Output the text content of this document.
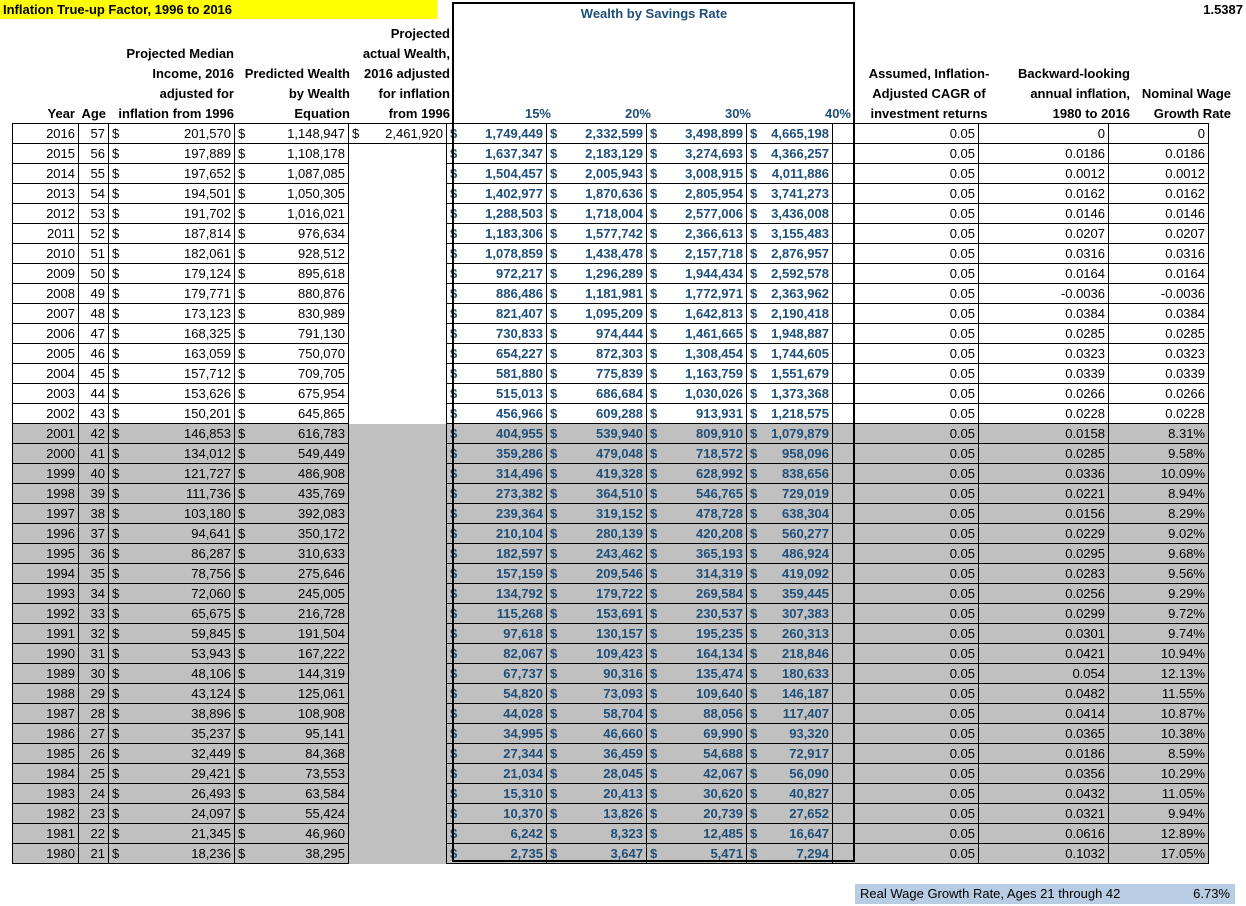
Inflation True-up Factor, 1996 to 2016	1.5387
Wealth by Savings Rate
Year Age
Projected Median
Income, 2016
adjusted for
inflation from 1996
Predicted Wealth
by Wealth
Equation
Projected
actual Wealth,
2016 adjusted
for inflation
from 1996	15%	20%	30%	40%
Assumed, Inflation-
Adjusted CAGR of
investment returns
Backward-looking
annual inflation,
1980 to 2016
Nominal Wage
Growth Rate
2016	57	$	201,570	$	1,148,947	$	2,461,920	$	1,749,449	$	2,332,599	$	3,498,899	$	4,665,198	0.05	0	0
2015	56	$	197,889	$	1,108,178			$	1,637,347	$	2,183,129	$	3,274,693	$	4,366,257	0.05	0.0186	0.0186
2014	55	$	197,652	$	1,087,085			$	1,504,457	$	2,005,943	$	3,008,915	$	4,011,886	0.05	0.0012	0.0012
2013	54	$	194,501	$	1,050,305			$	1,402,977	$	1,870,636	$	2,805,954	$	3,741,273	0.05	0.0162	0.0162
2012	53	$	191,702	$	1,016,021			$	1,288,503	$	1,718,004	$	2,577,006	$	3,436,008	0.05	0.0146	0.0146
2011	52	$	187,814	$	976,634			$	1,183,306	$	1,577,742	$	2,366,613	$	3,155,483	0.05	0.0207	0.0207
2010	51	$	182,061	$	928,512			$	1,078,859	$	1,438,478	$	2,157,718	$	2,876,957	0.05	0.0316	0.0316
2009	50	$	179,124	$	895,618			$	972,217	$	1,296,289	$	1,944,434	$	2,592,578	0.05	0.0164	0.0164
2008	49	$	179,771	$	880,876			$	886,486	$	1,181,981	$	1,772,971	$	2,363,962	0.05	-0.0036	-0.0036
2007	48	$	173,123	$	830,989			$	821,407	$	1,095,209	$	1,642,813	$	2,190,418	0.05	0.0384	0.0384
2006	47	$	168,325	$	791,130			$	730,833	$	974,444	$	1,461,665	$	1,948,887	0.05	0.0285	0.0285
2005	46	$	163,059	$	750,070			$	654,227	$	872,303	$	1,308,454	$	1,744,605	0.05	0.0323	0.0323
2004	45	$	157,712	$	709,705			$	581,880	$	775,839	$	1,163,759	$	1,551,679	0.05	0.0339	0.0339
2003	44	$	153,626	$	675,954			$	515,013	$	686,684	$	1,030,026	$	1,373,368	0.05	0.0266	0.0266
2002	43	$	150,201	$	645,865			$	456,966	$	609,288	$	913,931	$	1,218,575	0.05	0.0228	0.0228
2001	42	$	146,853	$	616,783			$	404,955	$	539,940	$	809,910	$	1,079,879	0.05	0.0158	8.31%
2000	41	$	134,012	$	549,449			$	359,286	$	479,048	$	718,572	$	958,096	0.05	0.0285	9.58%
1999	40	$	121,727	$	486,908			$	314,496	$	419,328	$	628,992	$	838,656	0.05	0.0336	10.09%
1998	39	$	111,736	$	435,769			$	273,382	$	364,510	$	546,765	$	729,019	0.05	0.0221	8.94%
1997	38	$	103,180	$	392,083			$	239,364	$	319,152	$	478,728	$	638,304	0.05	0.0156	8.29%
1996	37	$	94,641	$	350,172			$	210,104	$	280,139	$	420,208	$	560,277	0.05	0.0229	9.02%
1995	36	$	86,287	$	310,633			$	182,597	$	243,462	$	365,193	$	486,924	0.05	0.0295	9.68%
1994	35	$	78,756	$	275,646			$	157,159	$	209,546	$	314,319	$	419,092	0.05	0.0283	9.56%
1993	34	$	72,060	$	245,005			$	134,792	$	179,722	$	269,584	$	359,445	0.05	0.0256	9.29%
1992	33	$	65,675	$	216,728			$	115,268	$	153,691	$	230,537	$	307,383	0.05	0.0299	9.72%
1991	32	$	59,845	$	191,504			$	97,618	$	130,157	$	195,235	$	260,313	0.05	0.0301	9.74%
1990	31	$	53,943	$	167,222			$	82,067	$	109,423	$	164,134	$	218,846	0.05	0.0421	10.94%
1989	30	$	48,106	$	144,319			$	67,737	$	90,316	$	135,474	$	180,633	0.05	0.054	12.13%
1988	29	$	43,124	$	125,061			$	54,820	$	73,093	$	109,640	$	146,187	0.05	0.0482	11.55%
1987	28	$	38,896	$	108,908			$	44,028	$	58,704	$	88,056	$	117,407	0.05	0.0414	10.87%
1986	27	$	35,237	$	95,141			$	34,995	$	46,660	$	69,990	$	93,320	0.05	0.0365	10.38%
1985	26	$	32,449	$	84,368			$	27,344	$	36,459	$	54,688	$	72,917	0.05	0.0186	8.59%
1984	25	$	29,421	$	73,553			$	21,034	$	28,045	$	42,067	$	56,090	0.05	0.0356	10.29%
1983	24	$	26,493	$	63,584			$	15,310	$	20,413	$	30,620	$	40,827	0.05	0.0432	11.05%
1982	23	$	24,097	$	55,424			$	10,370	$	13,826	$	20,739	$	27,652	0.05	0.0321	9.94%
1981	22	$	21,345	$	46,960			$	6,242	$	8,323	$	12,485	$	16,647	0.05	0.0616	12.89%
1980	21	$	18,236	$	38,295			$	2,735	$	3,647	$	5,471	$	7,294	0.05	0.1032	17.05%
Real Wage Growth Rate, Ages 21 through 42	6.73%
